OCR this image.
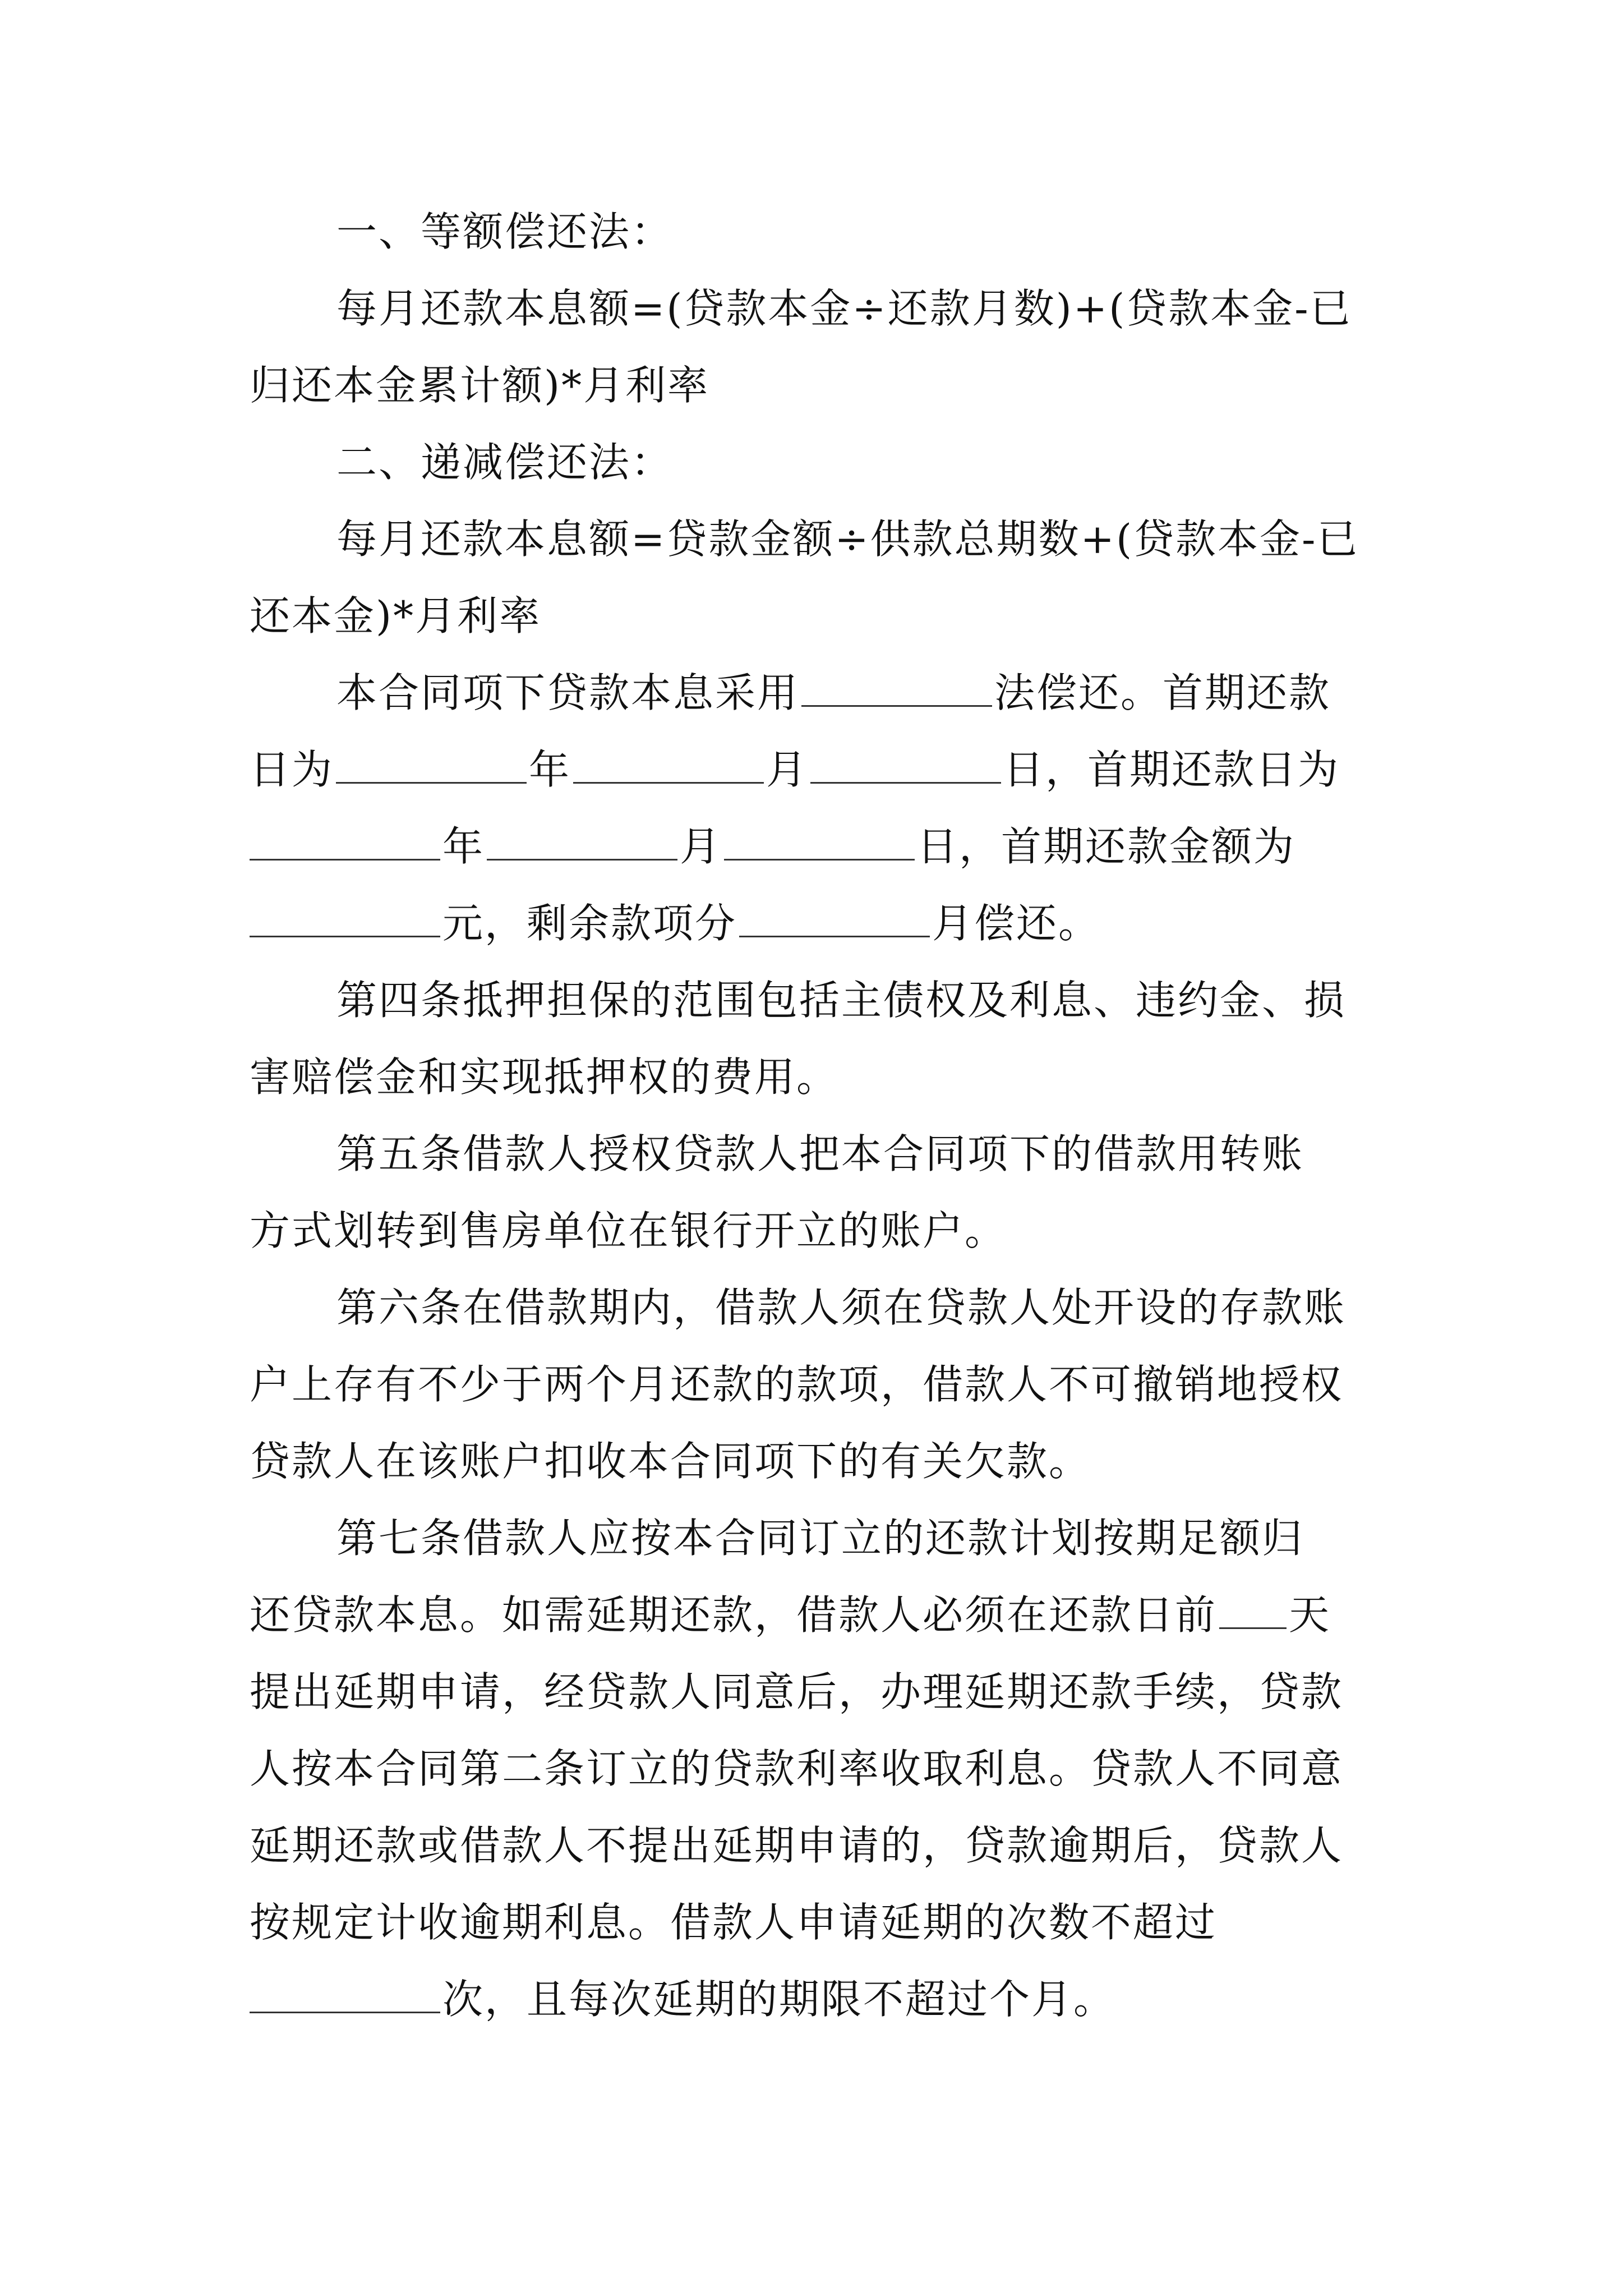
一、等额偿还法：
每月还款本息额=(贷款本金÷还款月数)+(贷款本金-已
归还本金累计额)*月利率
二、递减偿还法：
每月还款本息额=贷款金额÷供款总期数+(贷款本金-已
还本金)*月利率
本合同项下贷款本息采用	法偿还。首期还款
日为	年	月	日，首期还款日为
年	月	日，首期还款金额为
元，剩余款项分	月偿还。
第四条抵押担保的范围包括主债权及利息、违约金、损
害赔偿金和实现抵押权的费用。
第五条借款人授权贷款人把本合同项下的借款用转账
方式划转到售房单位在银行开立的账户。
第六条在借款期内，借款人须在贷款人处开设的存款账
户上存有不少于两个月还款的款项，借款人不可撤销地授权
贷款人在该账户扣收本合同项下的有关欠款。
第七条借款人应按本合同订立的还款计划按期足额归
还贷款本息。如需延期还款，借款人必须在还款日前 天
提出延期申请，经贷款人同意后，办理延期还款手续，贷款
人按本合同第二条订立的贷款利率收取利息。贷款人不同意
延期还款或借款人不提出延期申请的，贷款逾期后，贷款人
按规定计收逾期利息。借款人申请延期的次数不超过
次，且每次延期的期限不超过个月。
